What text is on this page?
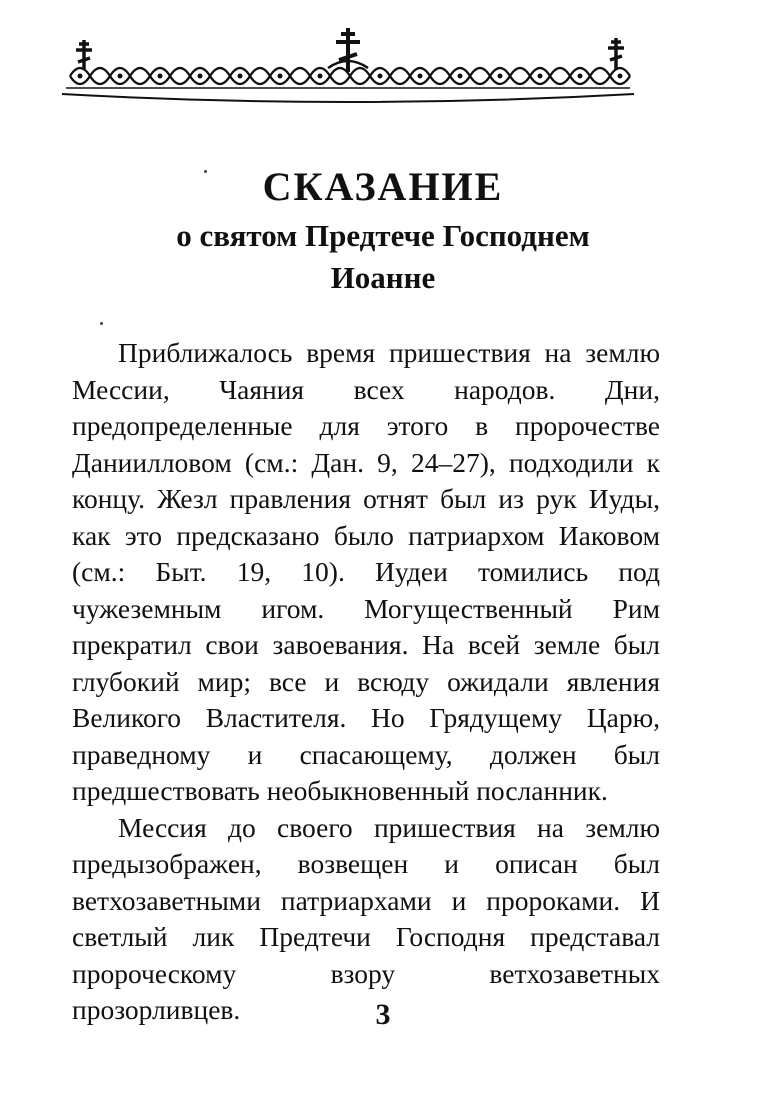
СКАЗАНИЕ
о святом Предтече Господнем
Иоанне

Приближалось время пришествия на землю Мессии, Чаяния всех народов. Дни, предопределенные для этого в пророчестве Даниилловом (см.: Дан. 9, 24–27), подходили к концу. Жезл правления отнят был из рук Иуды, как это предсказано было патриархом Иаковом (см.: Быт. 19, 10). Иудеи томились под чужеземным игом. Могущественный Рим прекратил свои завоевания. На всей земле был глубокий мир; все и всюду ожидали явления Великого Властителя. Но Грядущему Царю, праведному и спасающему, должен был предшествовать необыкновенный посланник.

Мессия до своего пришествия на землю предызображен, возвещен и описан был ветхозаветными патриархами и пророками. И светлый лик Предтечи Господня представал пророческому взору ветхозаветных прозорливцев.	3
